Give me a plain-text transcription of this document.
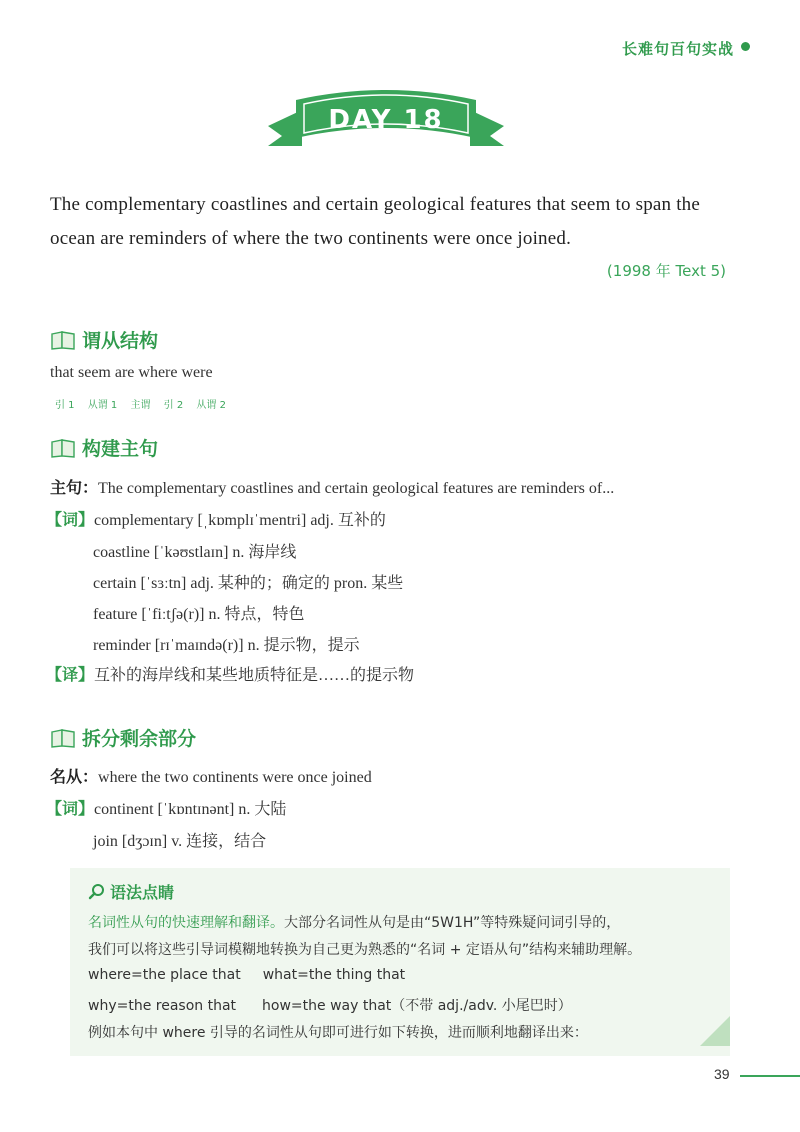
长难句百句实战
DAY 18
The complementary coastlines and certain geological features that seem to span the ocean are reminders of where the two continents were once joined.
(1998 年 Text 5)
谓从结构
that seem are where were
引 1 从谓 1 主谓 引 2 从谓 2
构建主句
主句：The complementary coastlines and certain geological features are reminders of...
【词】complementary [ˌkɒmplɪˈmentri] adj. 互补的
coastline [ˈkəʊstlaɪn] n. 海岸线
certain [ˈsɜːtn] adj. 某种的；确定的 pron. 某些
feature [ˈfiːtʃə(r)] n. 特点，特色
reminder [rɪˈmaɪndə(r)] n. 提示物，提示
【译】互补的海岸线和某些地质特征是……的提示物
拆分剩余部分
名从：where the two continents were once joined
【词】continent [ˈkɒntɪnənt] n. 大陆
join [dʒɔɪn] v. 连接，结合
语法点睛
名词性从句的快速理解和翻译。大部分名词性从句是由“5W1H”等特殊疑问词引导的，
我们可以将这些引导词模糊地转换为自己更为熟悉的“名词 + 定语从句”结构来辅助理解。
where=the place that what=the thing that
why=the reason that how=the way that（不带 adj./adv. 小尾巴时）
例如本句中 where 引导的名词性从句即可进行如下转换，进而顺利地翻译出来：
39
